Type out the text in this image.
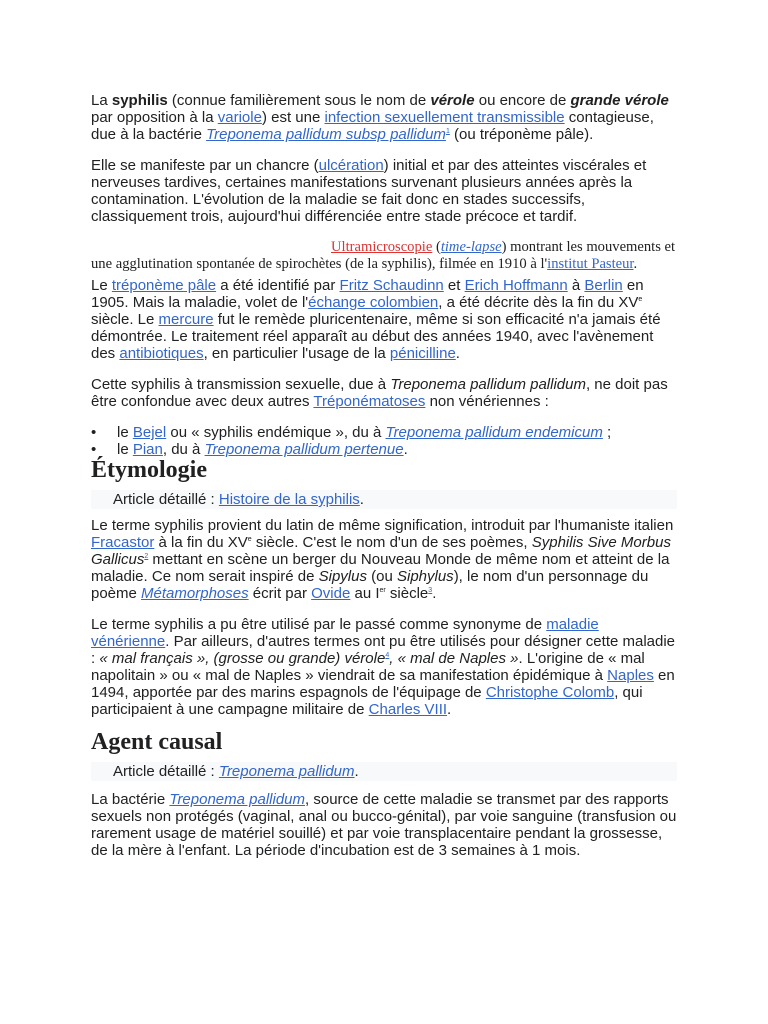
La syphilis (connue familièrement sous le nom de vérole ou encore de grande vérole par opposition à la variole) est une infection sexuellement transmissible contagieuse, due à la bactérie Treponema pallidum subsp pallidum$^1$ (ou tréponème pâle).

Elle se manifeste par un chancre (ulcération) initial et par des atteintes viscérales et nerveuses tardives, certaines manifestations survenant plusieurs années après la contamination. L'évolution de la maladie se fait donc en stades successifs, classiquement trois, aujourd'hui différenciée entre stade précoce et tardif.

Ultramicroscopie (time-lapse) montrant les mouvements et une agglutination spontanée de spirochètes (de la syphilis), filmée en 1910 à l'institut Pasteur.

Le tréponème pâle a été identifié par Fritz Schaudinn et Erich Hoffmann à Berlin en 1905. Mais la maladie, volet de l'échange colombien, a été décrite dès la fin du XVe siècle. Le mercure fut le remède pluricentenaire, même si son efficacité n'a jamais été démontrée. Le traitement réel apparaît au début des années 1940, avec l'avènement des antibiotiques, en particulier l'usage de la pénicilline.

Cette syphilis à transmission sexuelle, due à Treponema pallidum pallidum, ne doit pas être confondue avec deux autres Tréponématoses non vénériennes :

• le Bejel ou « syphilis endémique », du à Treponema pallidum endemicum ;
• le Pian, du à Treponema pallidum pertenue.
Étymologie
Article détaillé : Histoire de la syphilis.

Le terme syphilis provient du latin de même signification, introduit par l'humaniste italien Fracastor à la fin du XVe siècle. C'est le nom d'un de ses poèmes, Syphilis Sive Morbus Gallicus$^2$ mettant en scène un berger du Nouveau Monde de même nom et atteint de la maladie. Ce nom serait inspiré de Sipylus (ou Siphylus), le nom d'un personnage du poème Métamorphoses écrit par Ovide au Ier siècle$^3$.

Le terme syphilis a pu être utilisé par le passé comme synonyme de maladie vénérienne. Par ailleurs, d'autres termes ont pu être utilisés pour désigner cette maladie : « mal français », (grosse ou grande) vérole$^4$, « mal de Naples ». L'origine de « mal napolitain » ou « mal de Naples » viendrait de sa manifestation épidémique à Naples en 1494, apportée par des marins espagnols de l'équipage de Christophe Colomb, qui participaient à une campagne militaire de Charles VIII.

Agent causal
Article détaillé : Treponema pallidum.

La bactérie Treponema pallidum, source de cette maladie se transmet par des rapports sexuels non protégés (vaginal, anal ou bucco-génital), par voie sanguine (transfusion ou rarement usage de matériel souillé) et par voie transplacentaire pendant la grossesse, de la mère à l'enfant. La période d'incubation est de 3 semaines à 1 mois.
